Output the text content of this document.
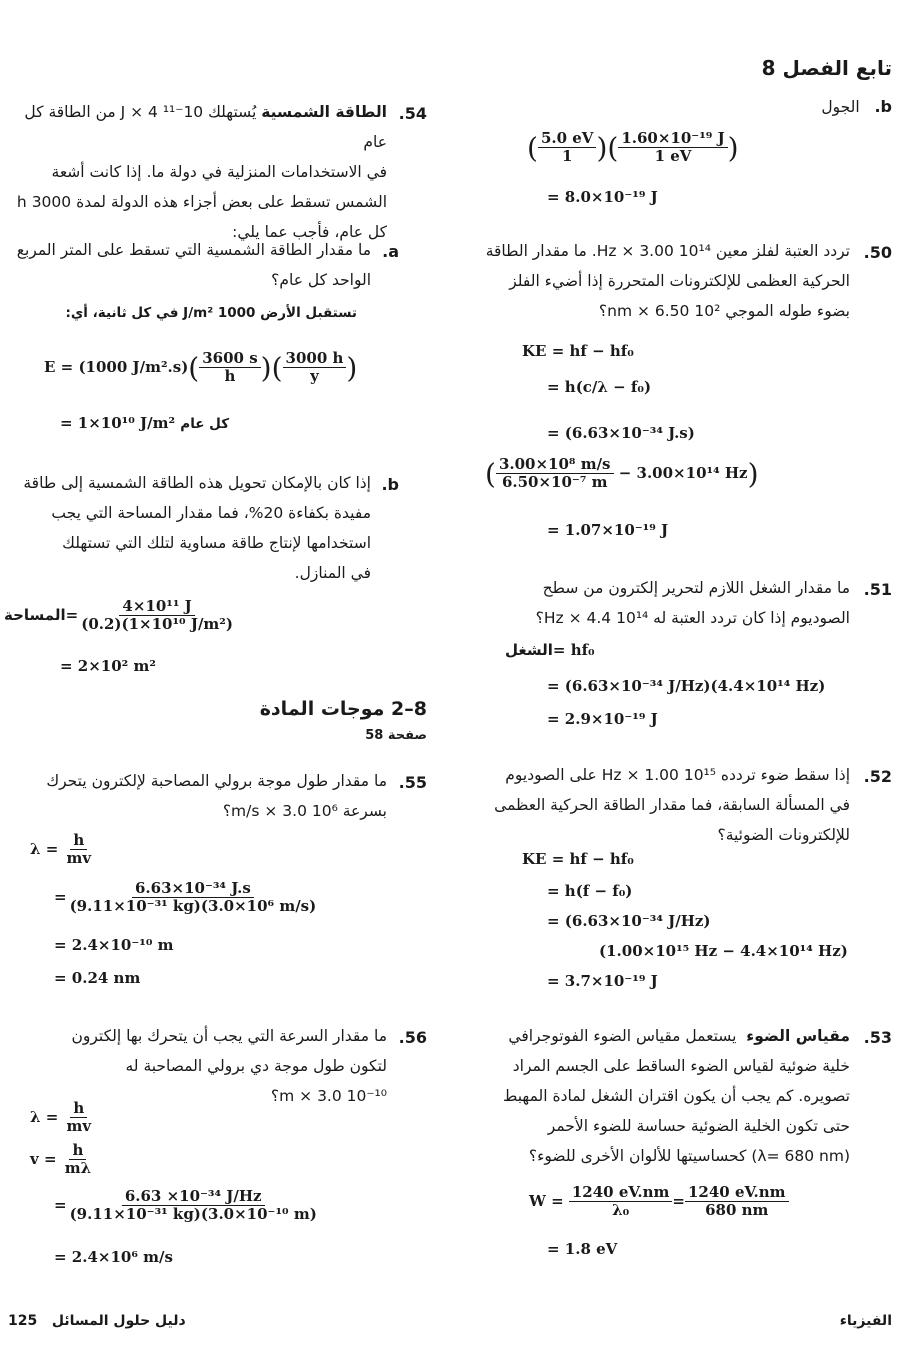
تابع الفصل 8
b.   الجول
( $\frac{5.0 eV}{1}$ )( $\frac{\text{1.60×10⁻¹⁹ J}}{1 eV}$ )
= 8.0×10⁻¹⁹ J
50.
تردد العتبة لفلز معين 10¹⁴ Hz × 3.00. ما مقدار الطاقة
الحركية العظمى للإلكترونات المتحررة إذا أضيء الفلز
بضوء طوله الموجي 10² nm × 6.50؟
KE = hf − hf₀
= h(c/λ − f₀)
= (6.63×10⁻³⁴ J.s)
( $\frac{\text{3.00×10⁸ m/s}}{\text{6.50×10⁻⁷ m}} - 3.00\times 10^{14}$ Hz)
= 1.07×10⁻¹⁹ J
51.
ما مقدار الشغل اللازم لتحرير إلكترون من سطح
الصوديوم إذا كان تردد العتبة له 10¹⁴ Hz × 4.4؟
الشغل= hf₀
= (6.63×10⁻³⁴ J/Hz)(4.4×10¹⁴ Hz)
= 2.9×10⁻¹⁹ J
52.
إذا سقط ضوء تردده 10¹⁵ Hz × 1.00 على الصوديوم
في المسألة السابقة، فما مقدار الطاقة الحركية العظمى
للإلكترونات الضوئية؟
KE = hf − hf₀
= h(f − f₀)
= (6.63×10⁻³⁴ J/Hz)
(1.00×10¹⁵ Hz − 4.4×10¹⁴ Hz)
= 3.7×10⁻¹⁹ J
53.
مقياس الضوء  يستعمل مقياس الضوء الفوتوجرافي
خلية ضوئية لقياس الضوء الساقط على الجسم المراد
تصويره. كم يجب أن يكون اقتران الشغل لمادة المهبط
حتى تكون الخلية الضوئية حساسة للضوء الأحمر
(λ= 680 nm) كحساسيتها للألوان الأخرى للضوء؟
$W = \frac{1240 eV.nm}{\text{λ₀}} = \frac{1240 eV.nm}{680 nm}$
= 1.8 eV
54.
الطاقة الشمسية يُستهلك 10⁻¹¹ J × 4 من الطاقة كل عام
في الاستخدامات المنزلية في دولة ما. إذا كانت أشعة
الشمس تسقط على بعض أجزاء هذه الدولة لمدة 3000 h
كل عام، فأجب عما يلي:
a.
ما مقدار الطاقة الشمسية التي تسقط على المتر المربع
الواحد كل عام؟
تستقبل الأرض 1000 J/m² في كل ثانية، أي:
E = (1000 $J/m^2.s)( \frac{3600 s}{h}$ )( $\frac{3000 h}{y}$ )
= 1×10¹⁰ J/m² كل عام
b.
إذا كان بالإمكان تحويل هذه الطاقة الشمسية إلى طاقة
مفيدة بكفاءة 20%، فما مقدار المساحة التي يجب
استخدامها لإنتاج طاقة مساوية لتلك التي تستهلك
في المنازل.
المساحة= $\frac{\text{4×10¹¹ J}}{\text{(0.2)(1×10¹⁰ J/m²)}}$
= 2×10² m²
8–2 موجات المادة
صفحة 58
55.
ما مقدار طول موجة برولي المصاحبة لإلكترون يتحرك
بسرعة 10⁶ m/s × 3.0؟
$\lambda = \frac{h}{mv}$
= $\frac{\text{6.63×10⁻³⁴ J.s}}{\text{(9.11×10⁻³¹ kg)(3.0×10⁶ m/s)}}$
= 2.4×10⁻¹⁰ m
= 0.24 nm
56.
ما مقدار السرعة التي يجب أن يتحرك بها إلكترون
لتكون طول موجة دي برولي المصاحبة له
10⁻¹⁰ m × 3.0؟
$\lambda = \frac{h}{mv}$
$v = \frac{h}{m\lambda}$
= $\frac{\text{6.63 ×10⁻³⁴ J/Hz}}{\text{(9.11×10⁻³¹ kg)(3.0×10⁻¹⁰ m)}}$
= 2.4×10⁶ m/s
125 دليل حلول المسائل	الفيزياء
